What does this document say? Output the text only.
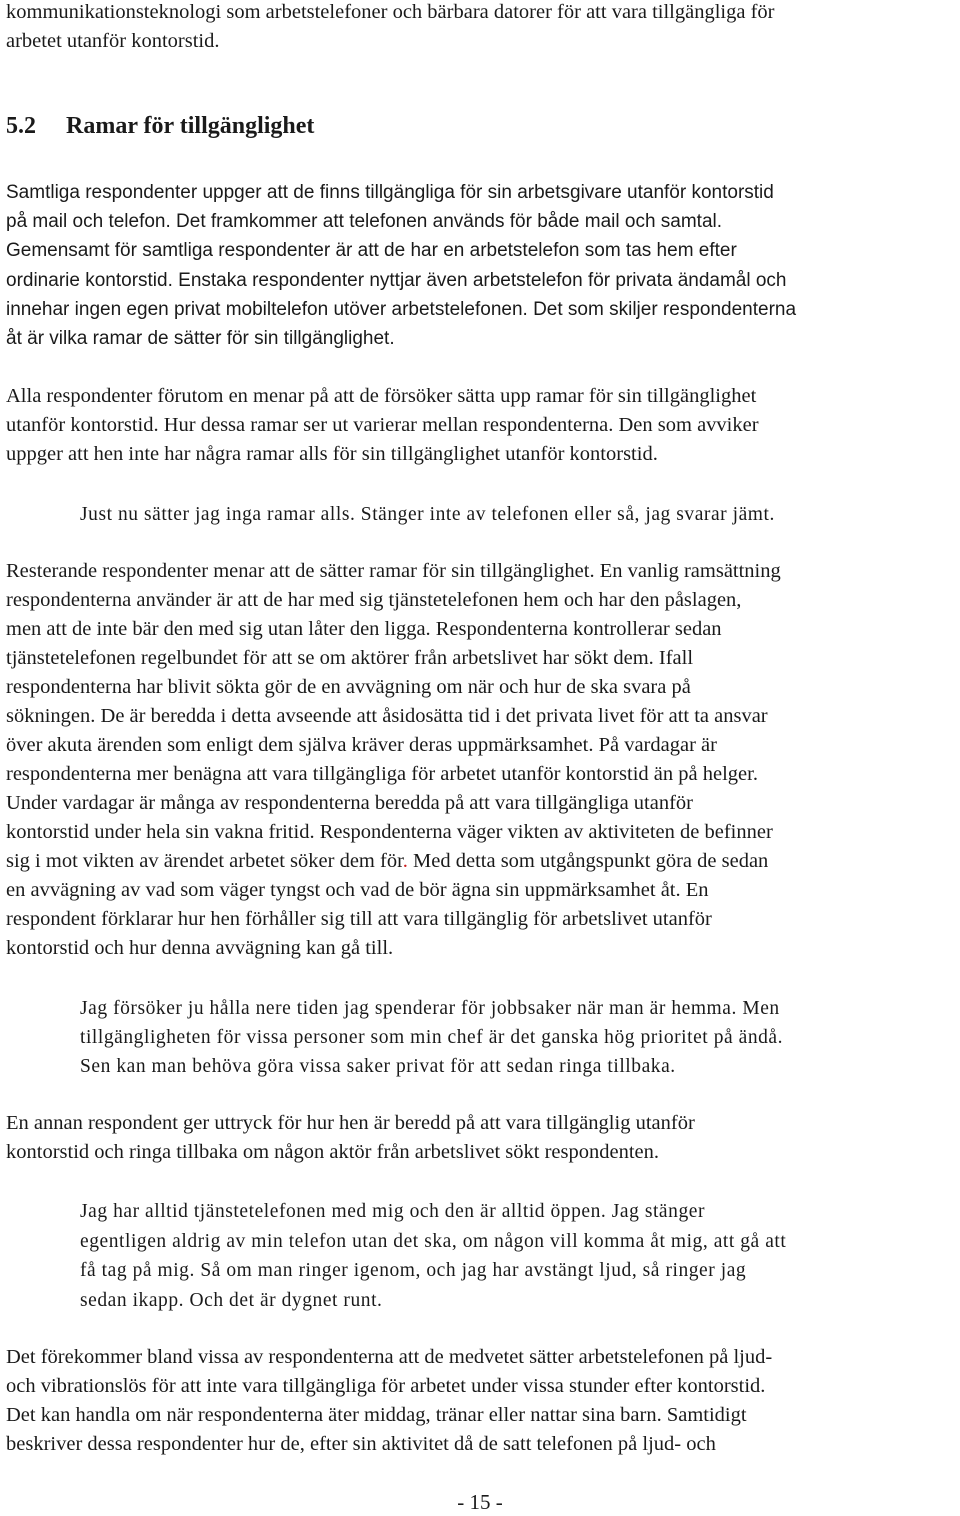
kommunikationsteknologi som arbetstelefoner och bärbara datorer för att vara tillgängliga för
arbetet utanför kontorstid.
5.2 Ramar för tillgänglighet
Samtliga respondenter uppger att de finns tillgängliga för sin arbetsgivare utanför kontorstid
på mail och telefon. Det framkommer att telefonen används för både mail och samtal.
Gemensamt för samtliga respondenter är att de har en arbetstelefon som tas hem efter
ordinarie kontorstid. Enstaka respondenter nyttjar även arbetstelefon för privata ändamål och
innehar ingen egen privat mobiltelefon utöver arbetstelefonen. Det som skiljer respondenterna
åt är vilka ramar de sätter för sin tillgänglighet.
Alla respondenter förutom en menar på att de försöker sätta upp ramar för sin tillgänglighet
utanför kontorstid. Hur dessa ramar ser ut varierar mellan respondenterna. Den som avviker
uppger att hen inte har några ramar alls för sin tillgänglighet utanför kontorstid.
Just nu sätter jag inga ramar alls. Stänger inte av telefonen eller så, jag svarar jämt.
Resterande respondenter menar att de sätter ramar för sin tillgänglighet. En vanlig ramsättning
respondenterna använder är att de har med sig tjänstetelefonen hem och har den påslagen,
men att de inte bär den med sig utan låter den ligga. Respondenterna kontrollerar sedan
tjänstetelefonen regelbundet för att se om aktörer från arbetslivet har sökt dem. Ifall
respondenterna har blivit sökta gör de en avvägning om när och hur de ska svara på
sökningen. De är beredda i detta avseende att åsidosätta tid i det privata livet för att ta ansvar
över akuta ärenden som enligt dem själva kräver deras uppmärksamhet. På vardagar är
respondenterna mer benägna att vara tillgängliga för arbetet utanför kontorstid än på helger.
Under vardagar är många av respondenterna beredda på att vara tillgängliga utanför
kontorstid under hela sin vakna fritid. Respondenterna väger vikten av aktiviteten de befinner
sig i mot vikten av ärendet arbetet söker dem för. Med detta som utgångspunkt göra de sedan
en avvägning av vad som väger tyngst och vad de bör ägna sin uppmärksamhet åt. En
respondent förklarar hur hen förhåller sig till att vara tillgänglig för arbetslivet utanför
kontorstid och hur denna avvägning kan gå till.
Jag försöker ju hålla nere tiden jag spenderar för jobbsaker när man är hemma. Men
tillgängligheten för vissa personer som min chef är det ganska hög prioritet på ändå.
Sen kan man behöva göra vissa saker privat för att sedan ringa tillbaka.
En annan respondent ger uttryck för hur hen är beredd på att vara tillgänglig utanför
kontorstid och ringa tillbaka om någon aktör från arbetslivet sökt respondenten.
Jag har alltid tjänstetelefonen med mig och den är alltid öppen. Jag stänger
egentligen aldrig av min telefon utan det ska, om någon vill komma åt mig, att gå att
få tag på mig. Så om man ringer igenom, och jag har avstängt ljud, så ringer jag
sedan ikapp. Och det är dygnet runt.
Det förekommer bland vissa av respondenterna att de medvetet sätter arbetstelefonen på ljud-
och vibrationslös för att inte vara tillgängliga för arbetet under vissa stunder efter kontorstid.
Det kan handla om när respondenterna äter middag, tränar eller nattar sina barn. Samtidigt
beskriver dessa respondenter hur de, efter sin aktivitet då de satt telefonen på ljud- och
- 15 -
